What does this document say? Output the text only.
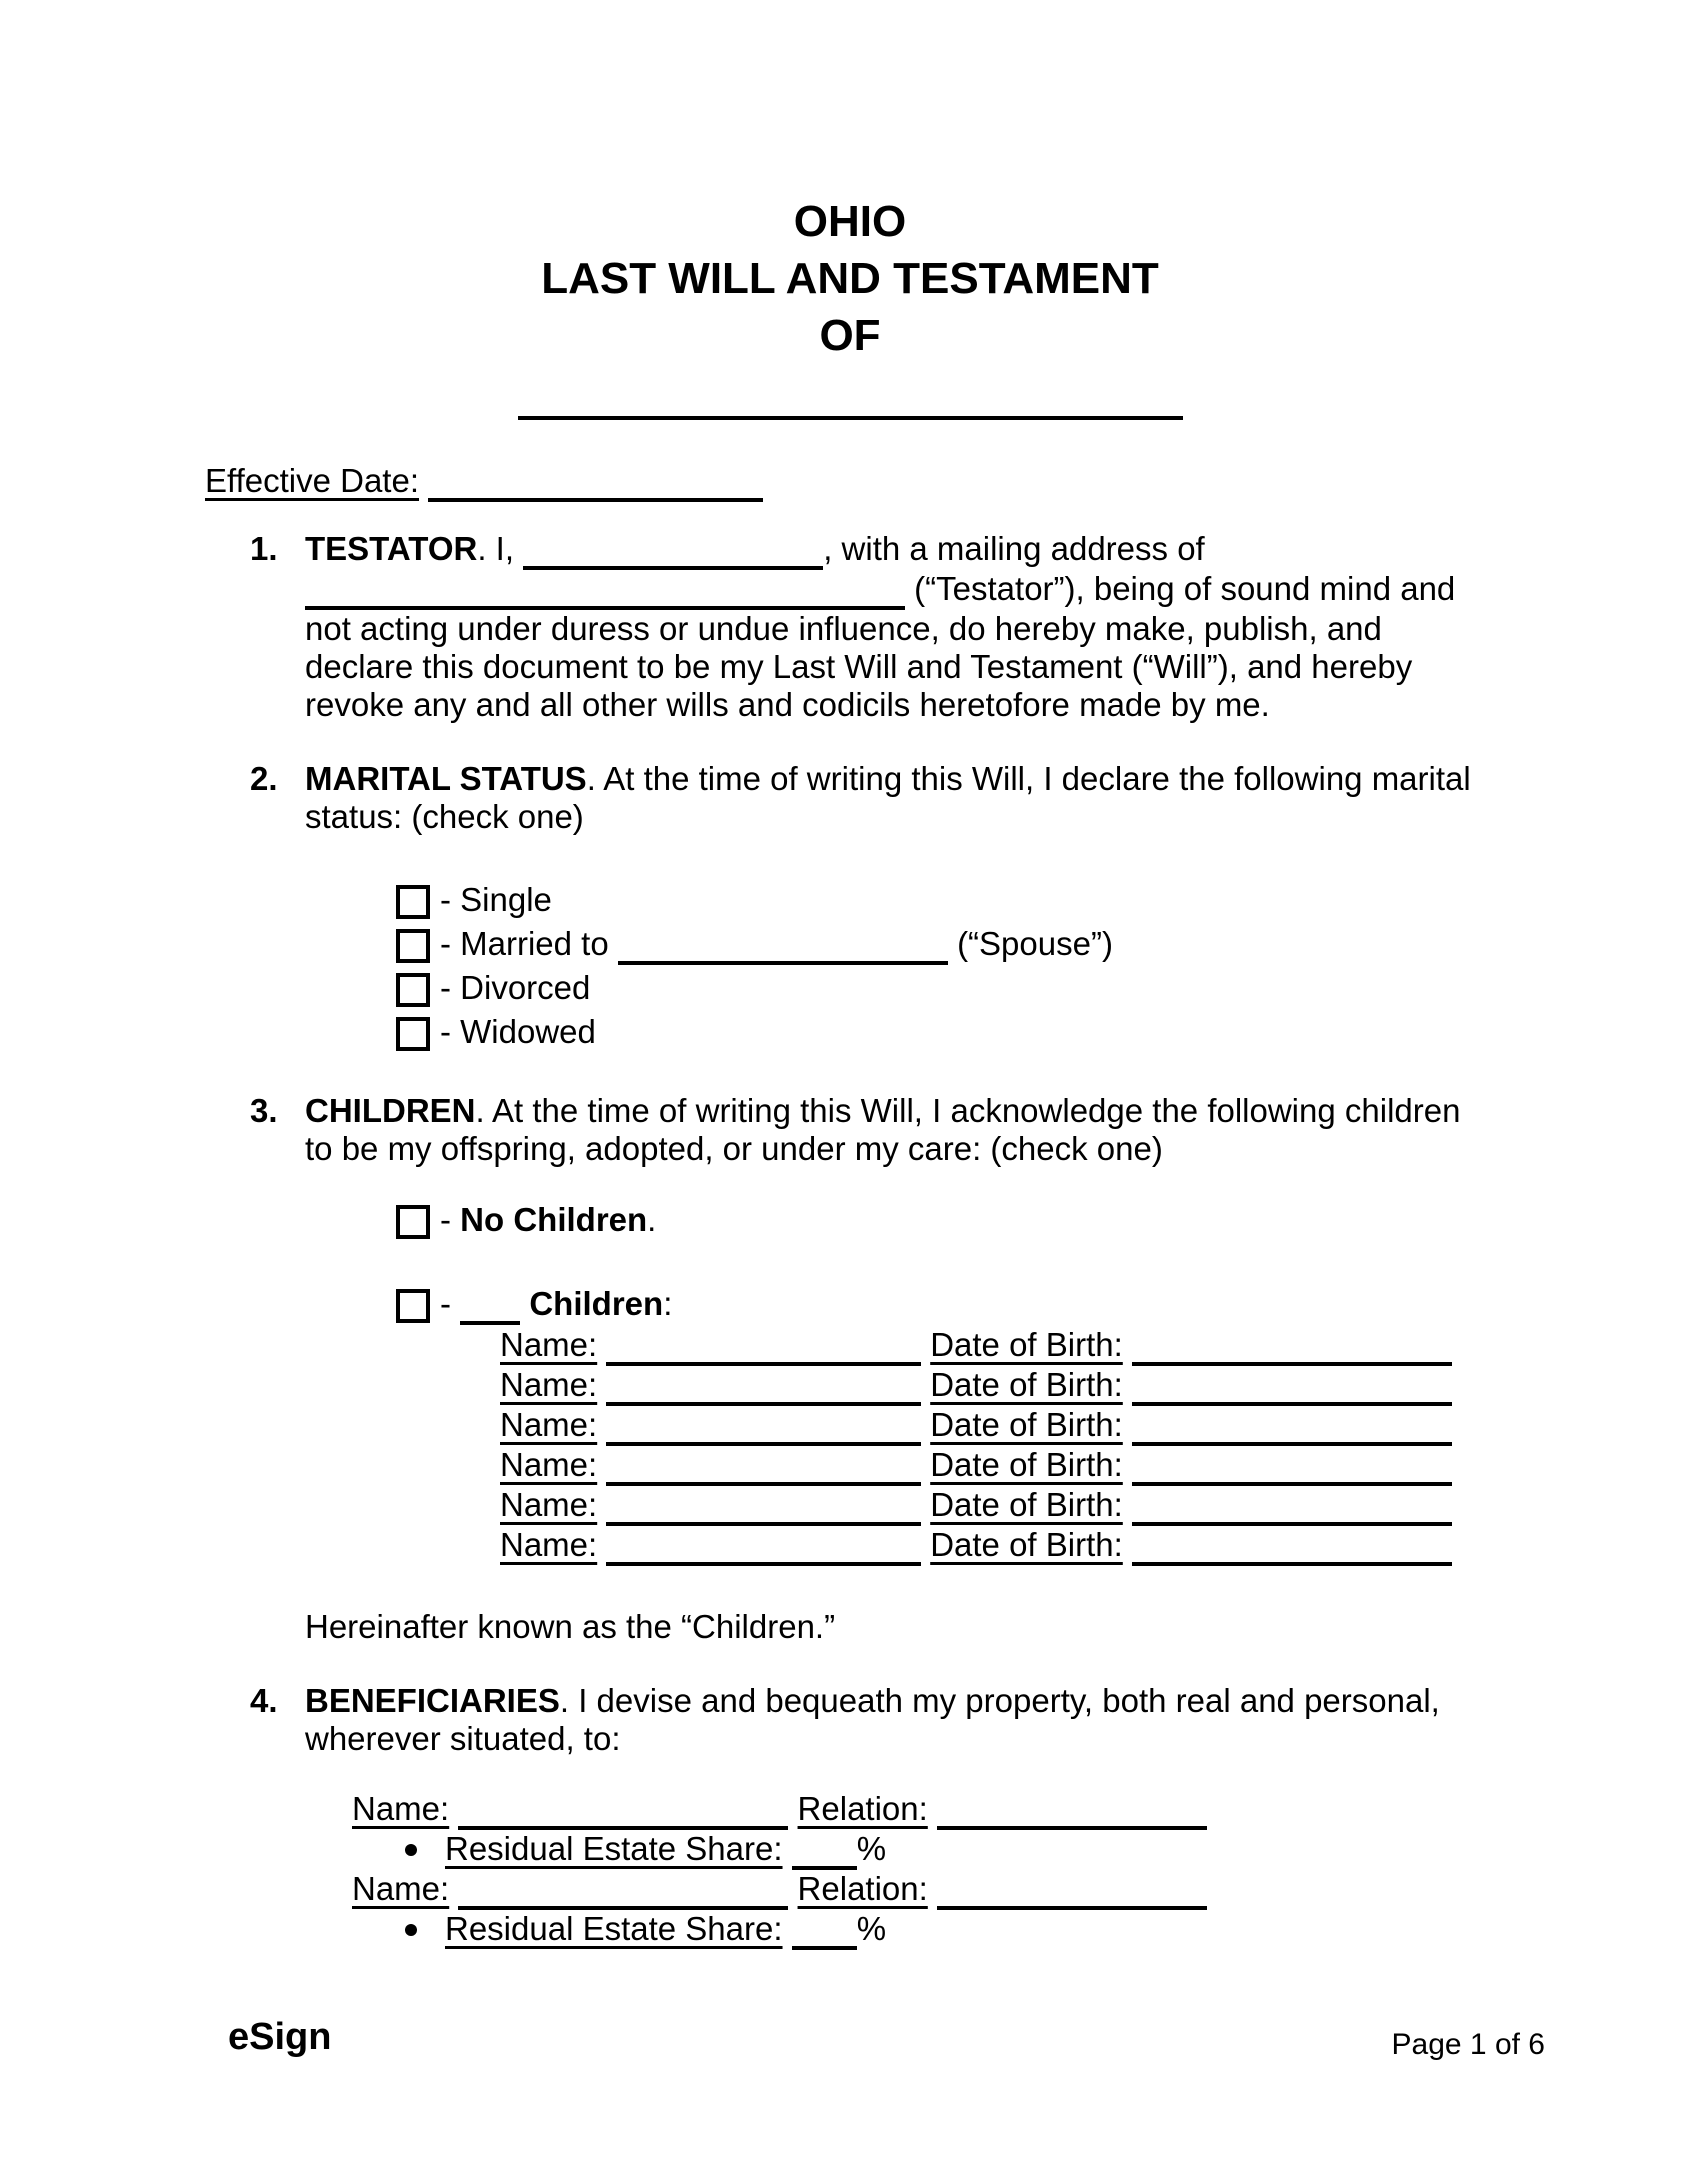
OHIO
LAST WILL AND TESTAMENT
OF
Effective Date:
1. TESTATOR. I,	, with a mailing address of  (“Testator”), being of sound mind and not acting under duress or undue influence, do hereby make, publish, and declare this document to be my Last Will and Testament (“Will”), and hereby revoke any and all other wills and codicils heretofore made by me.
2. MARITAL STATUS. At the time of writing this Will, I declare the following marital status: (check one)
- Single
- Married to	(“Spouse”)
- Divorced
- Widowed
3. CHILDREN. At the time of writing this Will, I acknowledge the following children to be my offspring, adopted, or under my care: (check one)
- No Children.
- Children:
Name:	Date of Birth:
Name:	Date of Birth:
Name:	Date of Birth:
Name:	Date of Birth:
Name:	Date of Birth:
Name:	Date of Birth:
Hereinafter known as the “Children.”
4. BENEFICIARIES. I devise and bequeath my property, both real and personal, wherever situated, to:
Name:	Relation:
Residual Estate Share: %
Name:	Relation:
Residual Estate Share: %
eSign	Page 1 of 6
